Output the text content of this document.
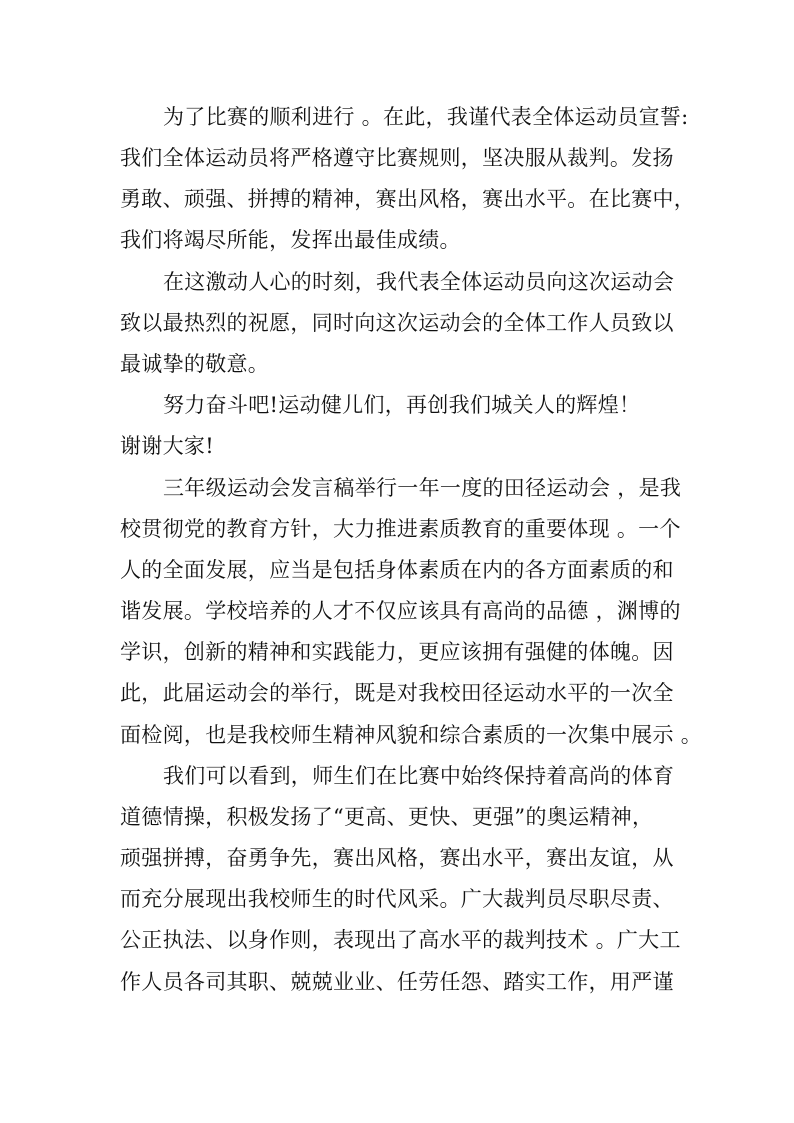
为了比赛的顺利进行 。在此，我谨代表全体运动员宣誓:
我们全体运动员将严格遵守比赛规则，坚决服从裁判。发扬
勇敢、顽强、拼搏的精神，赛出风格，赛出水平。在比赛中，
我们将竭尽所能，发挥出最佳成绩。
在这激动人心的时刻，我代表全体运动员向这次运动会
致以最热烈的祝愿，同时向这次运动会的全体工作人员致以
最诚挚的敬意。
努力奋斗吧!运动健儿们，再创我们城关人的辉煌！
谢谢大家!
三年级运动会发言稿举行一年一度的田径运动会 ，是我
校贯彻党的教育方针，大力推进素质教育的重要体现 。一个
人的全面发展，应当是包括身体素质在内的各方面素质的和
谐发展。学校培养的人才不仅应该具有高尚的品德 ，渊博的
学识，创新的精神和实践能力，更应该拥有强健的体魄。因
此，此届运动会的举行，既是对我校田径运动水平的一次全
面检阅，也是我校师生精神风貌和综合素质的一次集中展示 。
我们可以看到，师生们在比赛中始终保持着高尚的体育
道德情操，积极发扬了“更高、更快、更强”的奥运精神，
顽强拼搏，奋勇争先，赛出风格，赛出水平，赛出友谊，从
而充分展现出我校师生的时代风采。广大裁判员尽职尽责、
公正执法、以身作则，表现出了高水平的裁判技术 。广大工
作人员各司其职、兢兢业业、任劳任怨、踏实工作，用严谨
